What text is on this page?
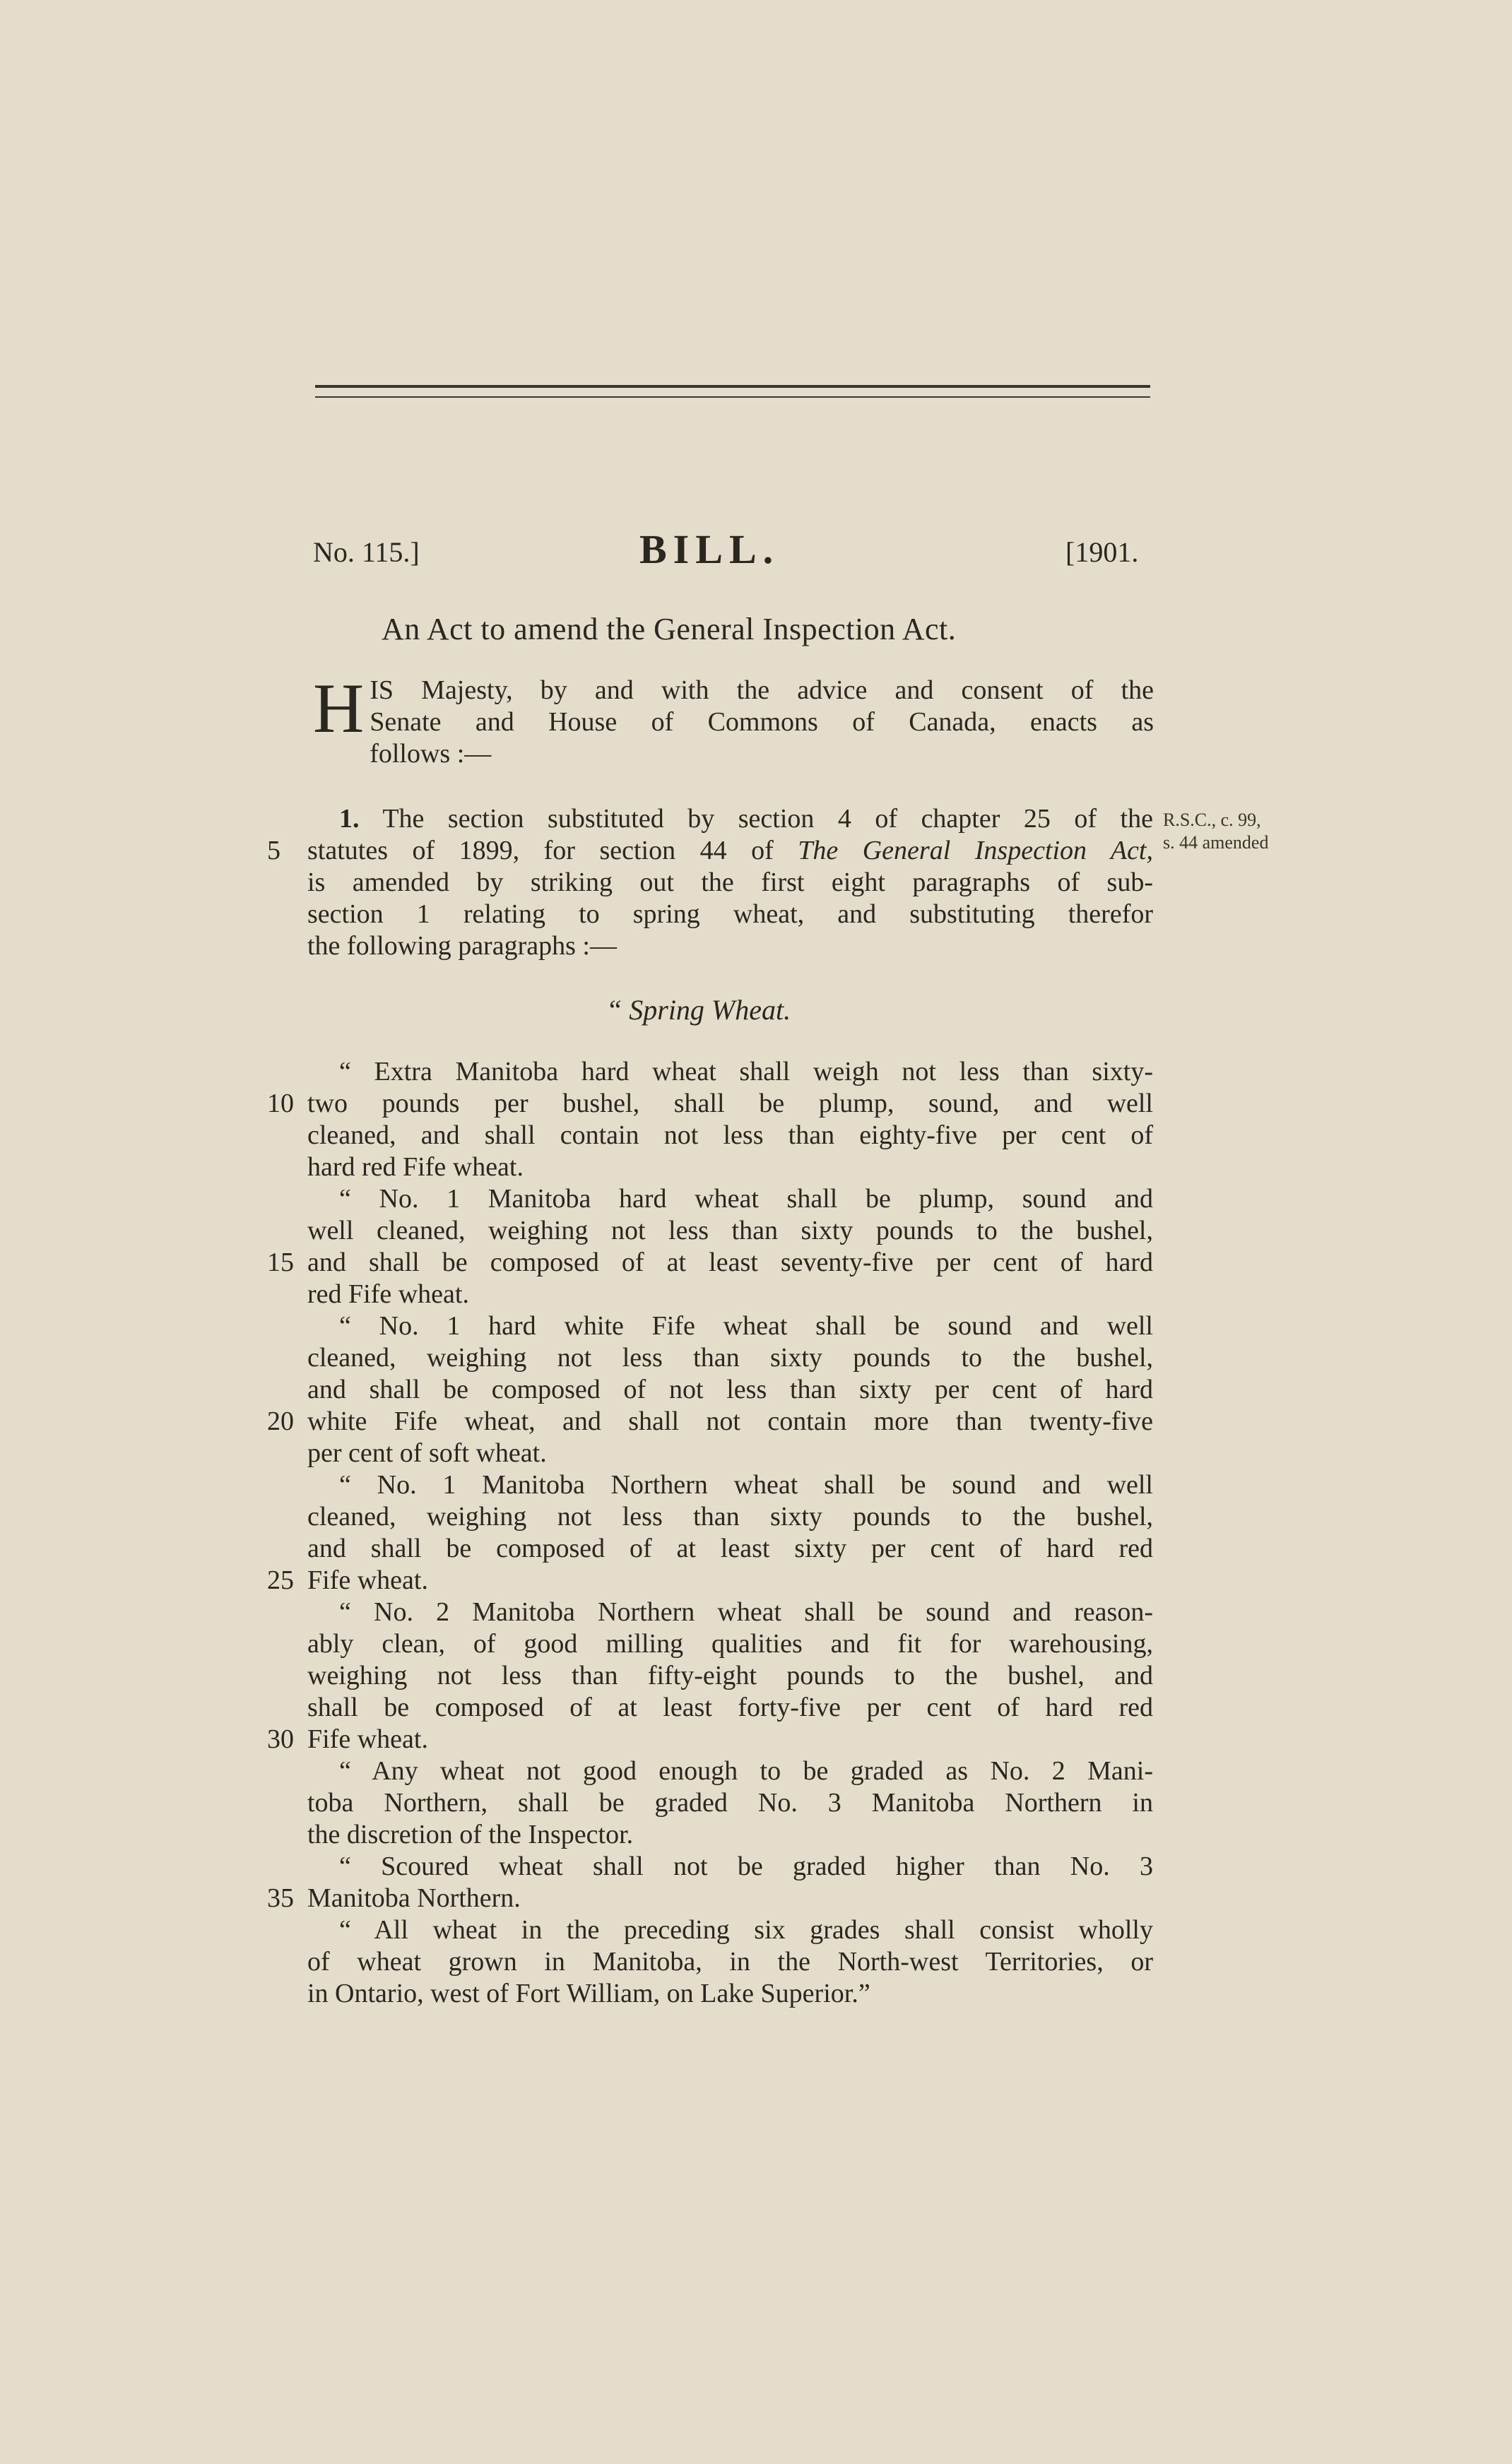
No. 115.]	BILL.	[1901.
An Act to amend the General Inspection Act.
H IS Majesty, by and with the advice and consent of the
Senate and House of Commons of Canada, enacts as
follows :—
1. The section substituted by section 4 of chapter 25 of the
5 statutes of 1899, for section 44 of The General Inspection Act,
is amended by striking out the first eight paragraphs of sub-
section 1 relating to spring wheat, and substituting therefor
the following paragraphs :—
R.S.C., c. 99,
s. 44 amended
“ Spring Wheat.
“ Extra Manitoba hard wheat shall weigh not less than sixty-
10 two pounds per bushel, shall be plump, sound, and well
cleaned, and shall contain not less than eighty-five per cent of
hard red Fife wheat.
“ No. 1 Manitoba hard wheat shall be plump, sound and
well cleaned, weighing not less than sixty pounds to the bushel,
15 and shall be composed of at least seventy-five per cent of hard
red Fife wheat.
“ No. 1 hard white Fife wheat shall be sound and well
cleaned, weighing not less than sixty pounds to the bushel,
and shall be composed of not less than sixty per cent of hard
20 white Fife wheat, and shall not contain more than twenty-five
per cent of soft wheat.
“ No. 1 Manitoba Northern wheat shall be sound and well
cleaned, weighing not less than sixty pounds to the bushel,
and shall be composed of at least sixty per cent of hard red
25 Fife wheat.
“ No. 2 Manitoba Northern wheat shall be sound and reason-
ably clean, of good milling qualities and fit for warehousing,
weighing not less than fifty-eight pounds to the bushel, and
shall be composed of at least forty-five per cent of hard red
30 Fife wheat.
“ Any wheat not good enough to be graded as No. 2 Mani-
toba Northern, shall be graded No. 3 Manitoba Northern in
the discretion of the Inspector.
“ Scoured wheat shall not be graded higher than No. 3
35 Manitoba Northern.
“ All wheat in the preceding six grades shall consist wholly
of wheat grown in Manitoba, in the North-west Territories, or
in Ontario, west of Fort William, on Lake Superior.”
